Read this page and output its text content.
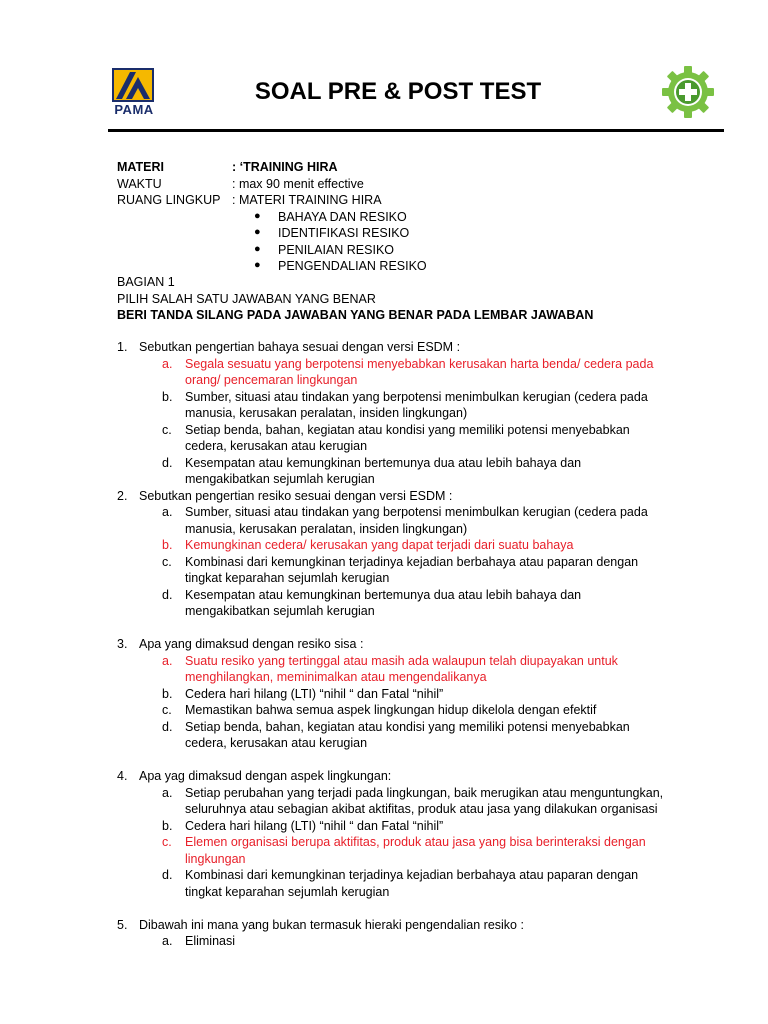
PAMA
SOAL PRE & POST TEST
MATERI	: ‘TRAINING HIRA
WAKTU	: max 90 menit effective
RUANG LINGKUP : MATERI TRAINING HIRA
● BAHAYA DAN RESIKO
● IDENTIFIKASI RESIKO
● PENILAIAN RESIKO
● PENGENDALIAN RESIKO
BAGIAN 1
PILIH SALAH SATU JAWABAN YANG BENAR
BERI TANDA SILANG PADA JAWABAN YANG BENAR PADA LEMBAR JAWABAN
1. Sebutkan pengertian bahaya sesuai dengan versi ESDM :
a.	Segala sesuatu yang berpotensi menyebabkan kerusakan harta benda/ cedera pada orang/ pencemaran lingkungan
b.	Sumber, situasi atau tindakan yang berpotensi menimbulkan kerugian (cedera pada manusia, kerusakan peralatan, insiden lingkungan)
c.	Setiap benda, bahan, kegiatan atau kondisi yang memiliki potensi menyebabkan cedera, kerusakan atau kerugian
d.	Kesempatan atau kemungkinan bertemunya dua atau lebih bahaya dan mengakibatkan sejumlah kerugian
2. Sebutkan pengertian resiko sesuai dengan versi ESDM :
a.	Sumber, situasi atau tindakan yang berpotensi menimbulkan kerugian (cedera pada manusia, kerusakan peralatan, insiden lingkungan)
b.	Kemungkinan cedera/ kerusakan yang dapat terjadi dari suatu bahaya
c.	Kombinasi dari kemungkinan terjadinya kejadian berbahaya atau paparan dengan tingkat keparahan sejumlah kerugian
d.	Kesempatan atau kemungkinan bertemunya dua atau lebih bahaya dan mengakibatkan sejumlah kerugian
3. Apa yang dimaksud dengan resiko sisa :
a.	Suatu resiko yang tertinggal atau masih ada walaupun telah diupayakan untuk menghilangkan, meminimalkan atau mengendalikanya
b.	Cedera hari hilang (LTI) “nihil “ dan Fatal “nihil”
c.	Memastikan bahwa semua aspek lingkungan hidup dikelola dengan efektif
d.	Setiap benda, bahan, kegiatan atau kondisi yang memiliki potensi menyebabkan cedera, kerusakan atau kerugian
4. Apa yag dimaksud dengan aspek lingkungan:
a.	Setiap perubahan yang terjadi pada lingkungan, baik merugikan atau menguntungkan, seluruhnya atau sebagian akibat aktifitas, produk atau jasa yang dilakukan organisasi
b.	Cedera hari hilang (LTI) “nihil “ dan Fatal “nihil”
c.	Elemen organisasi berupa aktifitas, produk atau jasa yang bisa berinteraksi dengan lingkungan
d.	Kombinasi dari kemungkinan terjadinya kejadian berbahaya atau paparan dengan tingkat keparahan sejumlah kerugian
5. Dibawah ini mana yang bukan termasuk hieraki pengendalian resiko :
a.	Eliminasi
